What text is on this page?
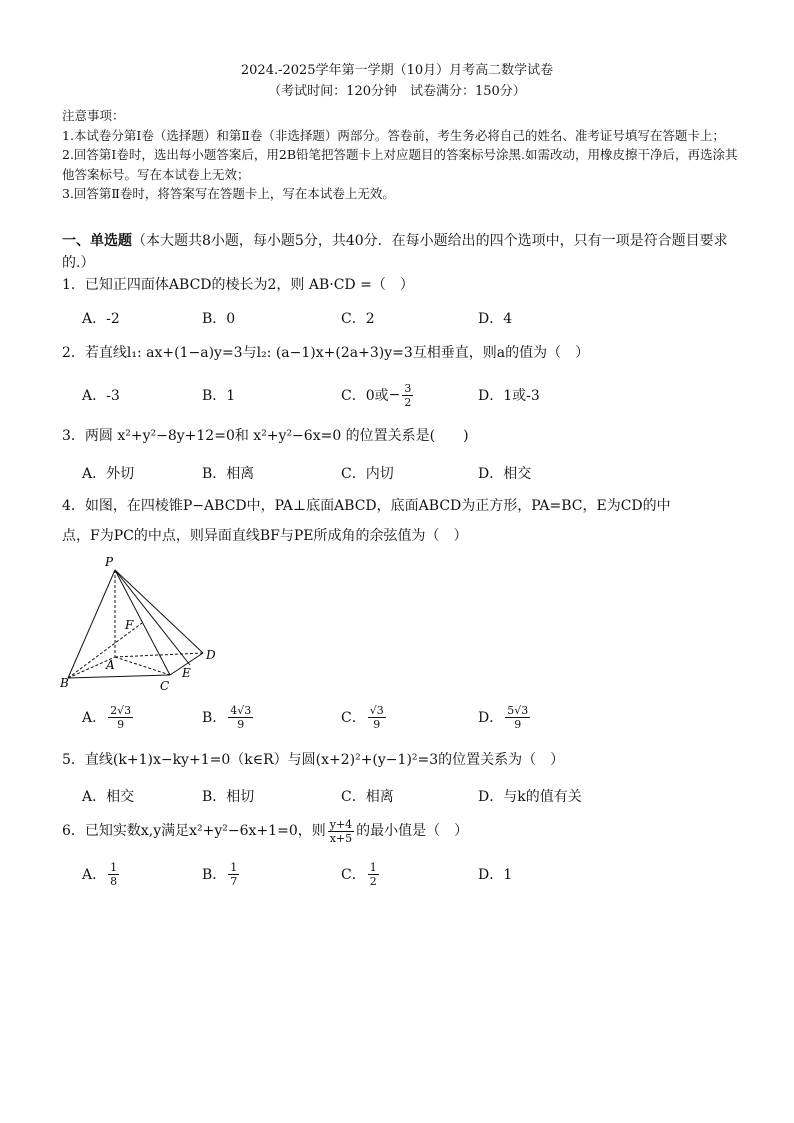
2024.-2025学年第一学期（10月）月考高二数学试卷
（考试时间：120分钟　试卷满分：150分）
注意事项：
1.本试卷分第Ⅰ卷（选择题）和第Ⅱ卷（非选择题）两部分。答卷前，考生务必将自己的姓名、准考证号填写在答题卡上；
2.回答第Ⅰ卷时，选出每小题答案后，用2B铅笔把答题卡上对应题目的答案标号涂黑.如需改动，用橡皮擦干净后，再选涂其他答案标号。写在本试卷上无效；
3.回答第Ⅱ卷时，将答案写在答题卡上，写在本试卷上无效。
一、单选题（本大题共8小题，每小题5分，共40分．在每小题给出的四个选项中，只有一项是符合题目要求的.）
1．已知正四面体ABCD的棱长为2，则 AB·CD =（　）
A．-2	B．0	C．2	D．4
2．若直线l₁: ax+(1−a)y=3与l₂: (a−1)x+(2a+3)y=3互相垂直，则a的值为（　）
A．-3	B．1	C．0或 − $\frac{3}{2}$	D．1或-3
3．两圆 x²+y²−8y+12=0和 x²+y²−6x=0 的位置关系是(　　)
A．外切	B．相离	C．内切	D．相交
4．如图，在四棱锥P−ABCD中，PA⊥底面ABCD，底面ABCD为正方形，PA=BC，E为CD的中
点，F为PC的中点，则异面直线BF与PE所成角的余弦值为（　）
P
F
A
B	C
D
E
A． $\frac{2√3}{9}$	B． $\frac{4√3}{9}$	C． $\frac{√3}{9}$	D． $\frac{5√3}{9}$
5．直线(k+1)x−ky+1=0（k∈R）与圆(x+2)²+(y−1)²=3的位置关系为（　）
A．相交	B．相切	C．相离	D．与k的值有关
6．已知实数x,y满足x²+y²−6x+1=0，则 $\frac{y+4}{x+5}$ 的最小值是（　）
A． $\frac{1}{8}$	B． $\frac{1}{7}$	C． $\frac{1}{2}$	D．1
